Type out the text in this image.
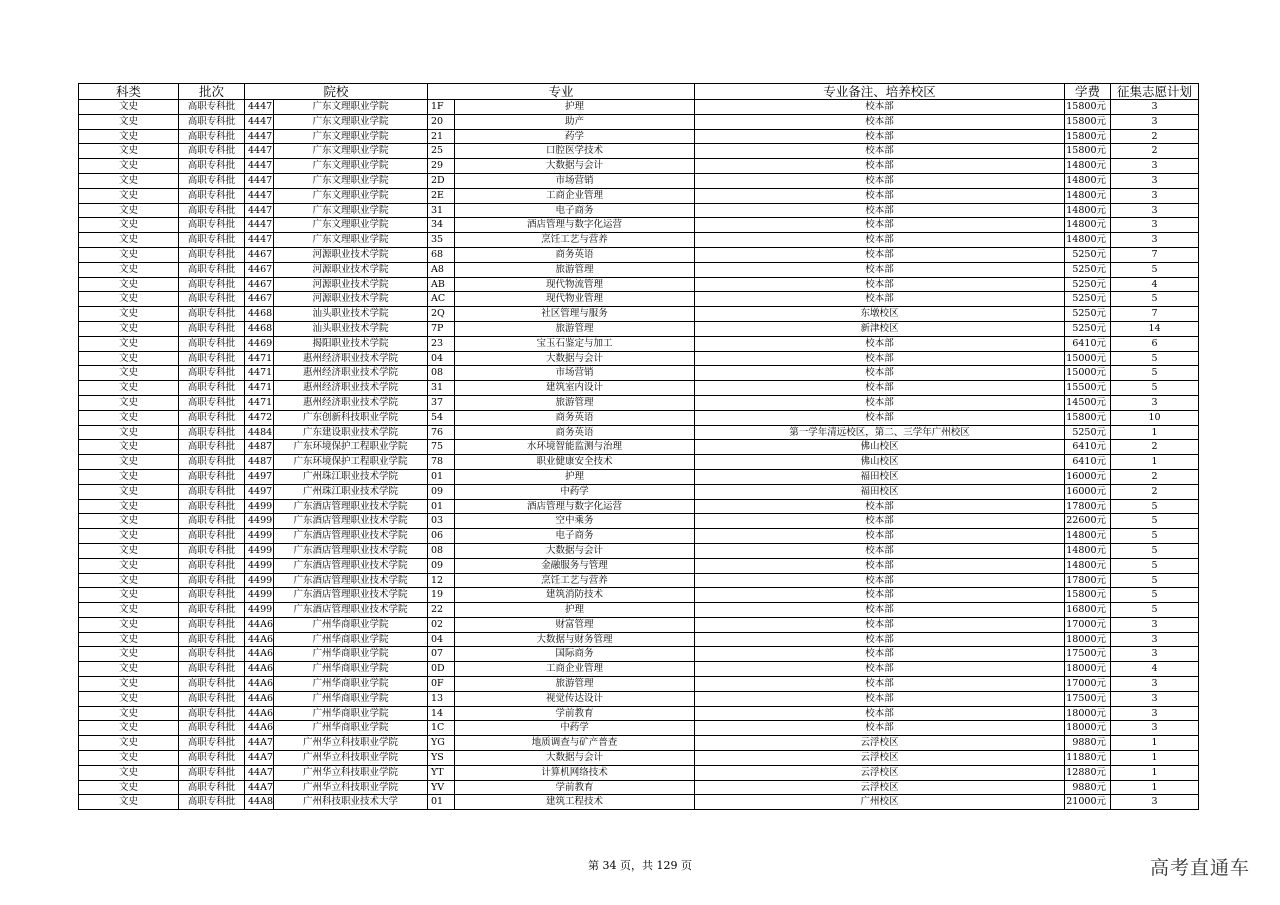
科类	批次	院校		专业		专业备注、培养校区	学费	征集志愿计划
文史	高职专科批	4447	广东文理职业学院	1F	护理	校本部	15800元	3
文史	高职专科批	4447	广东文理职业学院	20	助产	校本部	15800元	3
文史	高职专科批	4447	广东文理职业学院	21	药学	校本部	15800元	2
文史	高职专科批	4447	广东文理职业学院	25	口腔医学技术	校本部	15800元	2
文史	高职专科批	4447	广东文理职业学院	29	大数据与会计	校本部	14800元	3
文史	高职专科批	4447	广东文理职业学院	2D	市场营销	校本部	14800元	3
文史	高职专科批	4447	广东文理职业学院	2E	工商企业管理	校本部	14800元	3
文史	高职专科批	4447	广东文理职业学院	31	电子商务	校本部	14800元	3
文史	高职专科批	4447	广东文理职业学院	34	酒店管理与数字化运营	校本部	14800元	3
文史	高职专科批	4447	广东文理职业学院	35	烹饪工艺与营养	校本部	14800元	3
文史	高职专科批	4467	河源职业技术学院	68	商务英语	校本部	5250元	7
文史	高职专科批	4467	河源职业技术学院	A8	旅游管理	校本部	5250元	5
文史	高职专科批	4467	河源职业技术学院	AB	现代物流管理	校本部	5250元	4
文史	高职专科批	4467	河源职业技术学院	AC	现代物业管理	校本部	5250元	5
文史	高职专科批	4468	汕头职业技术学院	2Q	社区管理与服务	东墩校区	5250元	7
文史	高职专科批	4468	汕头职业技术学院	7P	旅游管理	新津校区	5250元	14
文史	高职专科批	4469	揭阳职业技术学院	23	宝玉石鉴定与加工	校本部	6410元	6
文史	高职专科批	4471	惠州经济职业技术学院	04	大数据与会计	校本部	15000元	5
文史	高职专科批	4471	惠州经济职业技术学院	08	市场营销	校本部	15000元	5
文史	高职专科批	4471	惠州经济职业技术学院	31	建筑室内设计	校本部	15500元	5
文史	高职专科批	4471	惠州经济职业技术学院	37	旅游管理	校本部	14500元	3
文史	高职专科批	4472	广东创新科技职业学院	54	商务英语	校本部	15800元	10
文史	高职专科批	4484	广东建设职业技术学院	76	商务英语	第一学年清远校区，第二、三学年广州校区	5250元	1
文史	高职专科批	4487	广东环境保护工程职业学院	75	水环境智能监测与治理	佛山校区	6410元	2
文史	高职专科批	4487	广东环境保护工程职业学院	78	职业健康安全技术	佛山校区	6410元	1
文史	高职专科批	4497	广州珠江职业技术学院	01	护理	福田校区	16000元	2
文史	高职专科批	4497	广州珠江职业技术学院	09	中药学	福田校区	16000元	2
文史	高职专科批	4499	广东酒店管理职业技术学院	01	酒店管理与数字化运营	校本部	17800元	5
文史	高职专科批	4499	广东酒店管理职业技术学院	03	空中乘务	校本部	22600元	5
文史	高职专科批	4499	广东酒店管理职业技术学院	06	电子商务	校本部	14800元	5
文史	高职专科批	4499	广东酒店管理职业技术学院	08	大数据与会计	校本部	14800元	5
文史	高职专科批	4499	广东酒店管理职业技术学院	09	金融服务与管理	校本部	14800元	5
文史	高职专科批	4499	广东酒店管理职业技术学院	12	烹饪工艺与营养	校本部	17800元	5
文史	高职专科批	4499	广东酒店管理职业技术学院	19	建筑消防技术	校本部	15800元	5
文史	高职专科批	4499	广东酒店管理职业技术学院	22	护理	校本部	16800元	5
文史	高职专科批	44A6	广州华商职业学院	02	财富管理	校本部	17000元	3
文史	高职专科批	44A6	广州华商职业学院	04	大数据与财务管理	校本部	18000元	3
文史	高职专科批	44A6	广州华商职业学院	07	国际商务	校本部	17500元	3
文史	高职专科批	44A6	广州华商职业学院	0D	工商企业管理	校本部	18000元	4
文史	高职专科批	44A6	广州华商职业学院	0F	旅游管理	校本部	17000元	3
文史	高职专科批	44A6	广州华商职业学院	13	视觉传达设计	校本部	17500元	3
文史	高职专科批	44A6	广州华商职业学院	14	学前教育	校本部	18000元	3
文史	高职专科批	44A6	广州华商职业学院	1C	中药学	校本部	18000元	3
文史	高职专科批	44A7	广州华立科技职业学院	YG	地质调查与矿产普查	云浮校区	9880元	1
文史	高职专科批	44A7	广州华立科技职业学院	YS	大数据与会计	云浮校区	11880元	1
文史	高职专科批	44A7	广州华立科技职业学院	YT	计算机网络技术	云浮校区	12880元	1
文史	高职专科批	44A7	广州华立科技职业学院	YV	学前教育	云浮校区	9880元	1
文史	高职专科批	44A8	广州科技职业技术大学	01	建筑工程技术	广州校区	21000元	3
第 34 页，共 129 页	高考直通车
